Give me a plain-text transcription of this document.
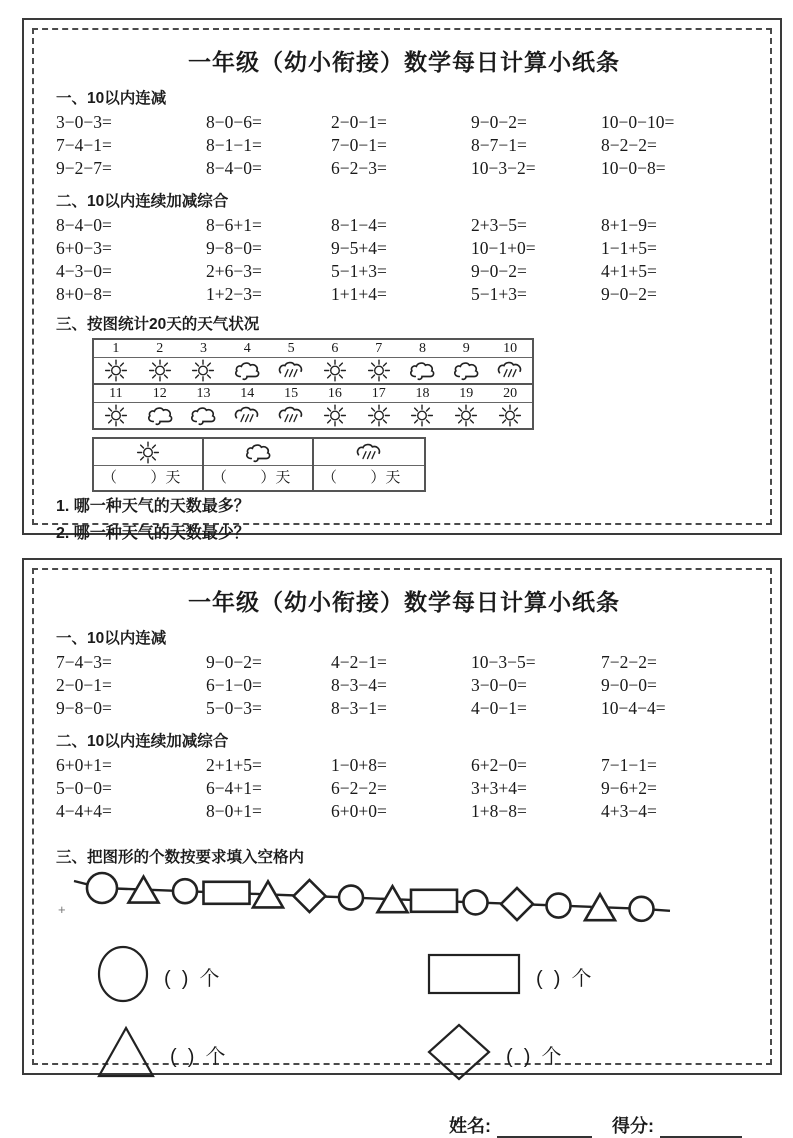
一年级（幼小衔接）数学每日计算小纸条
一、10以内连减
3−0−3=	8−0−6=	2−0−1=	9−0−2=	10−0−10=
7−4−1=	8−1−1=	7−0−1=	8−7−1=	8−2−2=
9−2−7=	8−4−0=	6−2−3=	10−3−2=	10−0−8=
二、10以内连续加减综合
8−4−0=	8−6+1=	8−1−4=	2+3−5=	8+1−9=
6+0−3=	9−8−0=	9−5+4=	10−1+0=	1−1+5=
4−3−0=	2+6−3=	5−1+3=	9−0−2=	4+1+5=
8+0−8=	1+2−3=	1+1+4=	5−1+3=	9−0−2=
三、按图统计20天的天气状况
1	2	3	4	5	6	7	8	9	10
11	12	13	14	15	16	17	18	19	20
（        ）天	（        ）天	（        ）天
1. 哪一种天气的天数最多？
2. 哪一种天气的天数最少？
一年级（幼小衔接）数学每日计算小纸条
一、10以内连减
7−4−3=	9−0−2=	4−2−1=	10−3−5=	7−2−2=
2−0−1=	6−1−0=	8−3−4=	3−0−0=	9−0−0=
9−8−0=	5−0−3=	8−3−1=	4−0−1=	10−4−4=
二、10以内连续加减综合
6+0+1=	2+1+5=	1−0+8=	6+2−0=	7−1−1=
5−0−0=	6−4+1=	6−2−2=	3+3+4=	9−6+2=
4−4+4=	8−0+1=	6+0+0=	1+8−8=	4+3−4=
三、把图形的个数按要求填入空格内
+
(  )  个	(  )  个
(  )  个	(  )  个
姓名:	得分:
